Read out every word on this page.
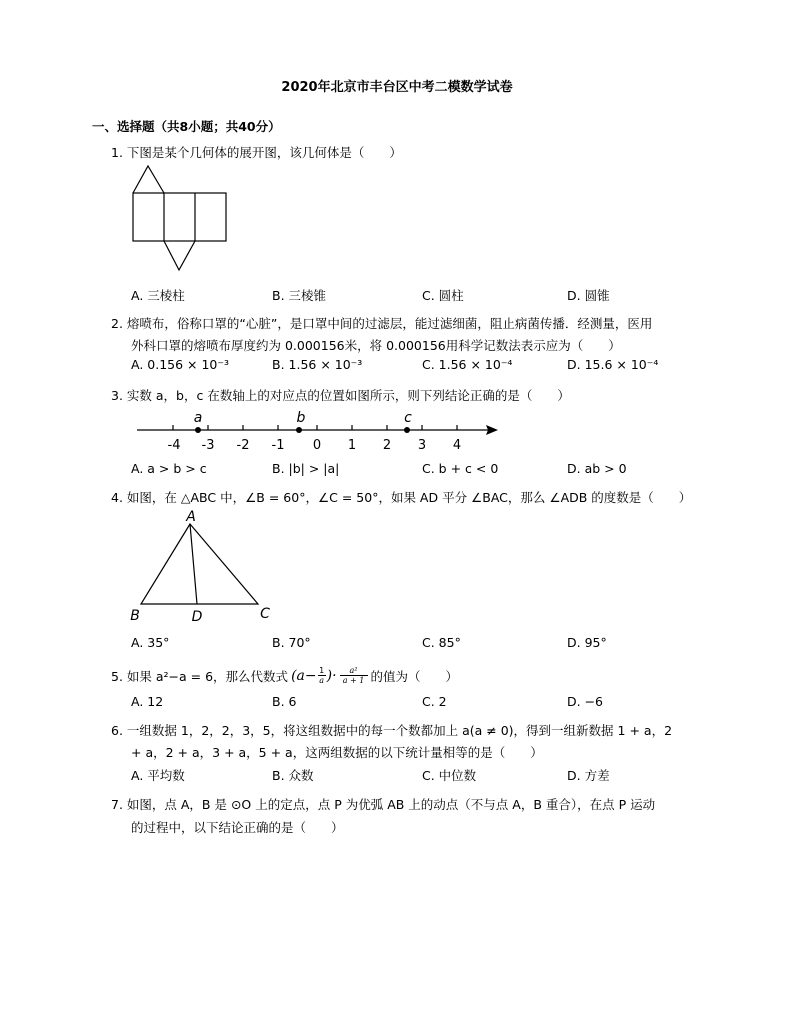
2020年北京市丰台区中考二模数学试卷
一、选择题（共8小题；共40分）
1. 下图是某个几何体的展开图，该几何体是（　　）
A. 三棱柱	B. 三棱锥	C. 圆柱	D. 圆锥
2. 熔喷布，俗称口罩的“心脏”，是口罩中间的过滤层，能过滤细菌，阻止病菌传播．经测量，医用
外科口罩的熔喷布厚度约为 0.000156米，将 0.000156用科学记数法表示应为（　　）
A. 0.156 × 10⁻³	B. 1.56 × 10⁻³	C. 1.56 × 10⁻⁴	D. 15.6 × 10⁻⁴
3. 实数 a，b，c 在数轴上的对应点的位置如图所示，则下列结论正确的是（　　）
-4 -3 -2 -1 0 1 2 3 4
a	b	c
A. a > b > c	B. |b| > |a|	C. b + c < 0	D. ab > 0
4. 如图，在 △ABC 中，∠B = 60°，∠C = 50°，如果 AD 平分 ∠BAC，那么 ∠ADB 的度数是（　　）
A
B	C
D
A. 35°	B. 70°	C. 85°	D. 95°
5. 如果 a²−a = 6，那么代数式 (a− 1
a )· a²
a + 1 的值为（　　）
A. 12	B. 6	C. 2	D. −6
6. 一组数据 1，2，2，3，5，将这组数据中的每一个数都加上 a(a ≠ 0)，得到一组新数据 1 + a，2
+ a，2 + a，3 + a，5 + a，这两组数据的以下统计量相等的是（　　）
A. 平均数	B. 众数	C. 中位数	D. 方差
7. 如图，点 A，B 是 ⊙O 上的定点，点 P 为优弧 AB 上的动点（不与点 A，B 重合），在点 P 运动
的过程中，以下结论正确的是（　　）
